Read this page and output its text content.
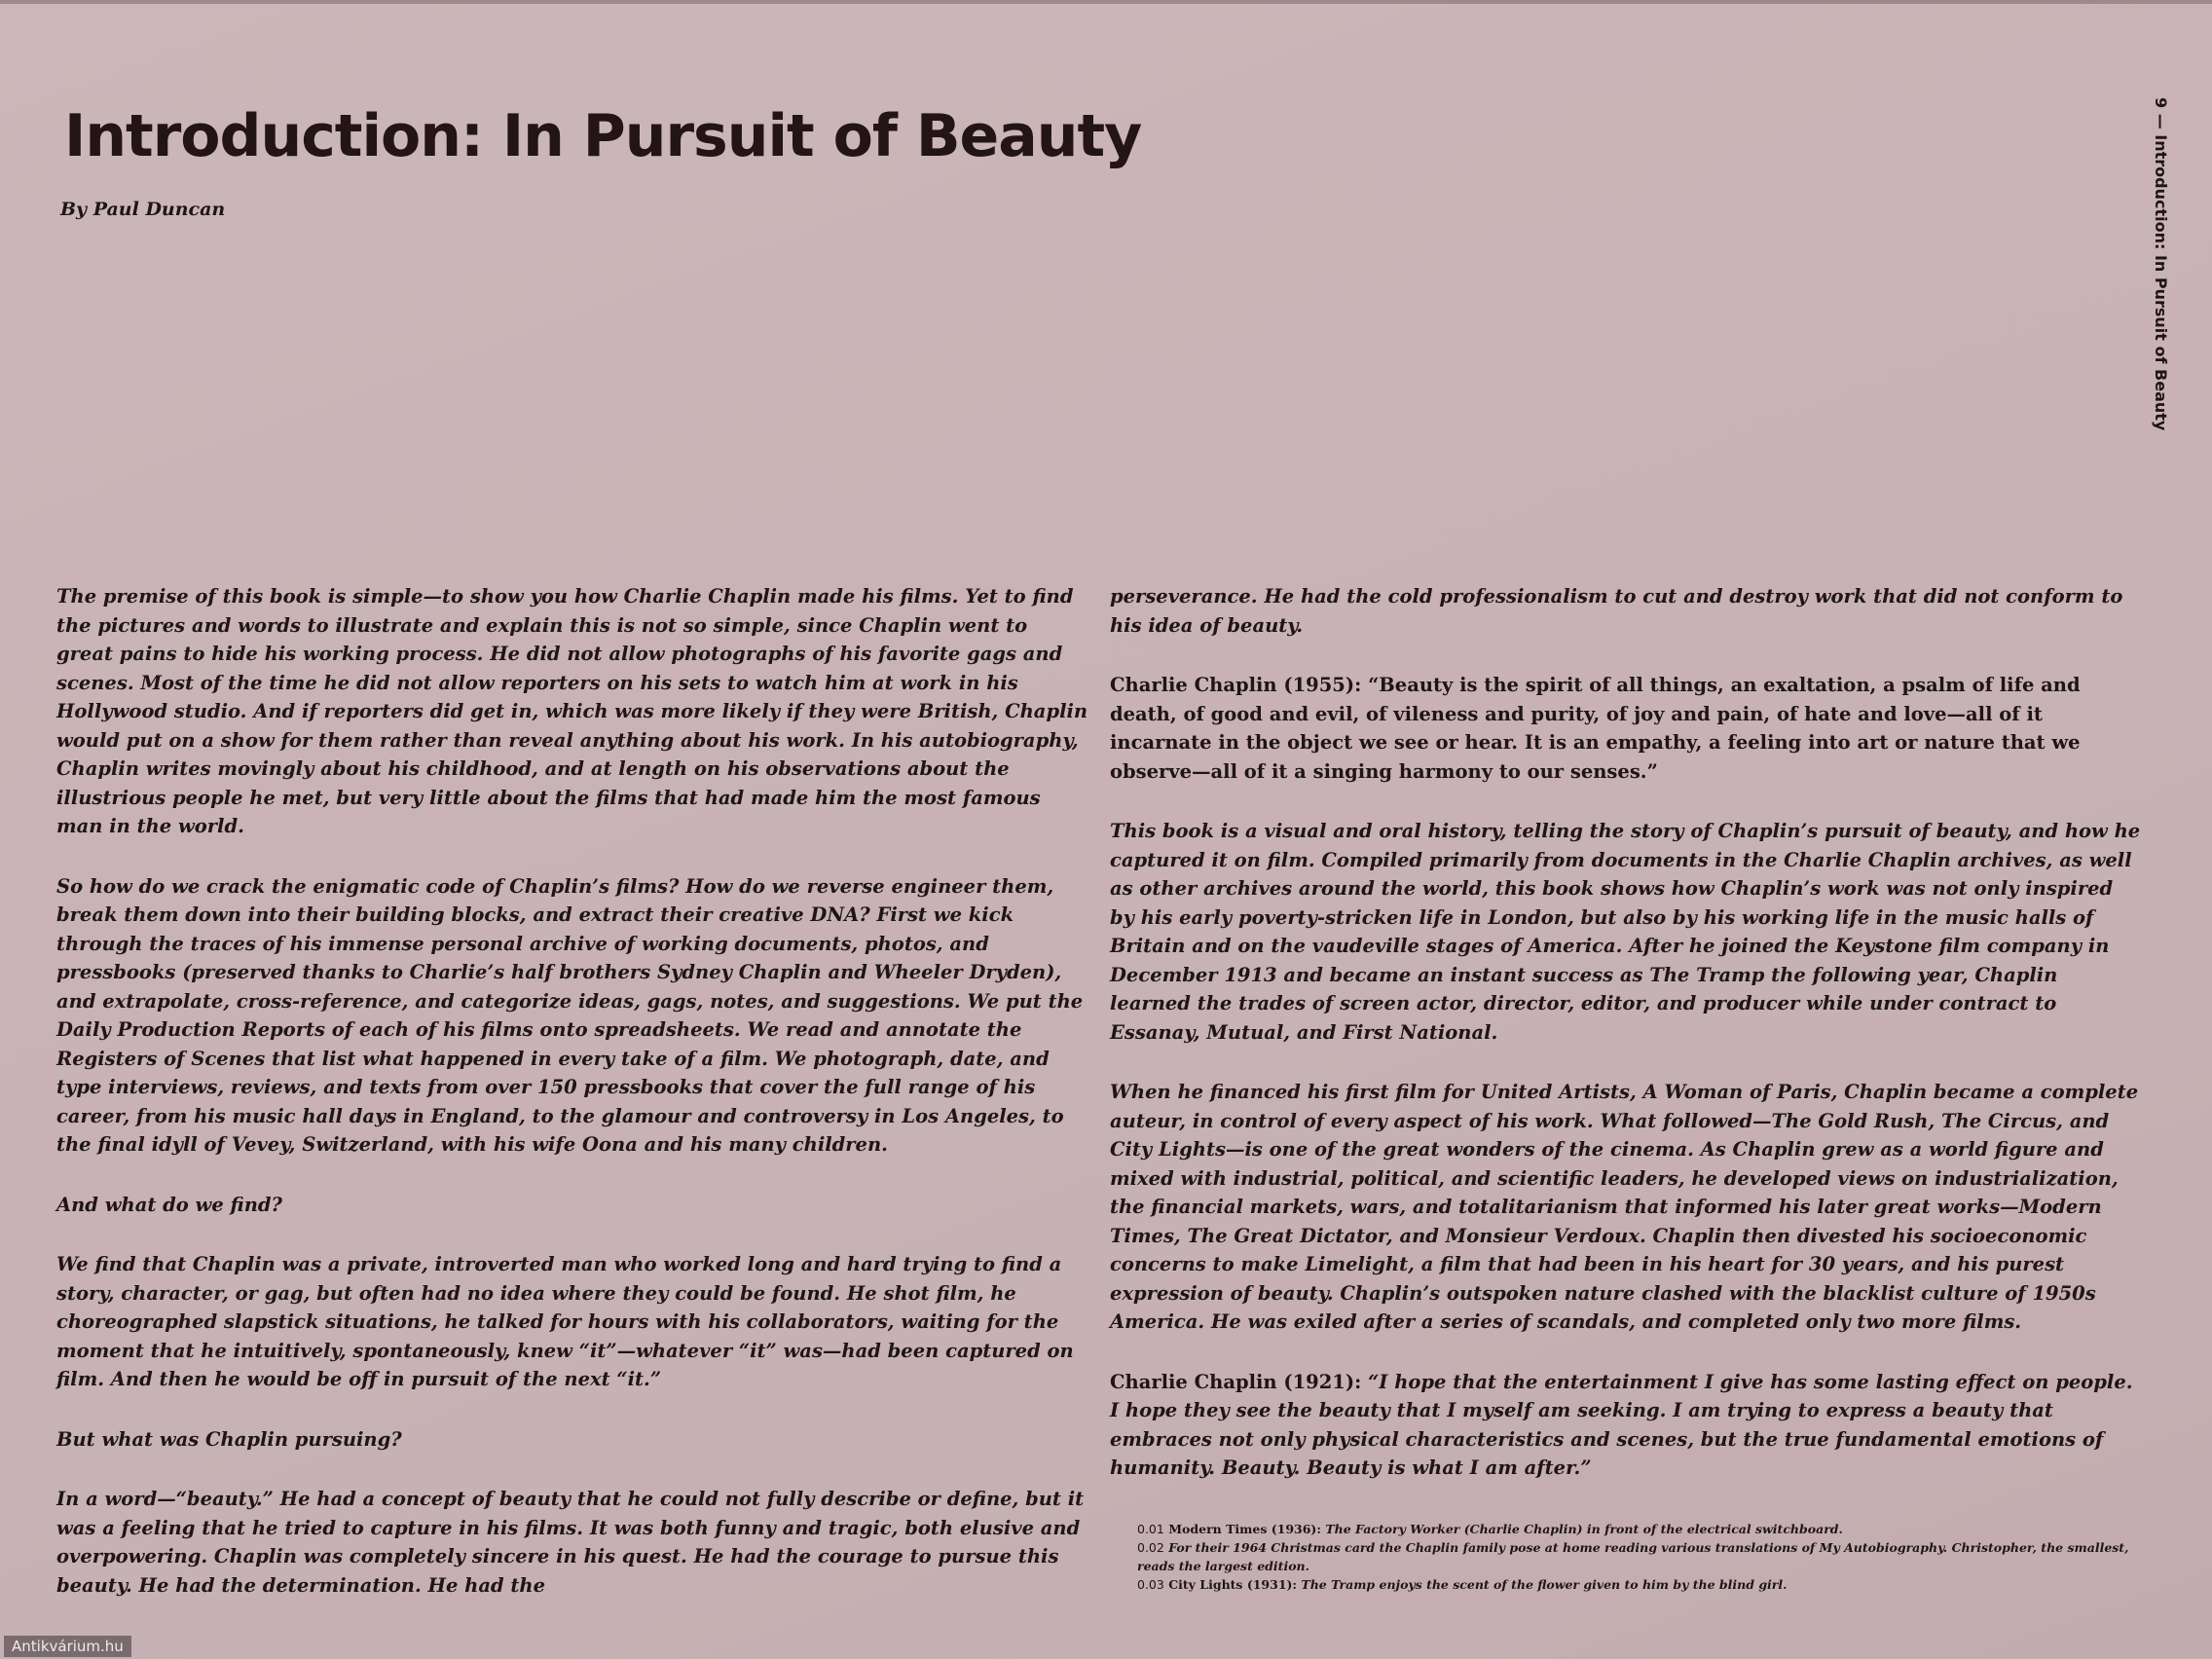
Introduction: In Pursuit of Beauty

By Paul Duncan	9 — Introduction: In Pursuit of Beauty

The premise of this book is simple—to show you how Charlie Chaplin made his films. Yet to find the pictures and words to illustrate and explain this is not so simple, since Chaplin went to great pains to hide his working process. He did not allow photographs of his favorite gags and scenes. Most of the time he did not allow reporters on his sets to watch him at work in his Hollywood studio. And if reporters did get in, which was more likely if they were British, Chaplin would put on a show for them rather than reveal anything about his work. In his autobiography, Chaplin writes movingly about his childhood, and at length on his observations about the illustrious people he met, but very little about the films that had made him the most famous man in the world.

So how do we crack the enigmatic code of Chaplin’s films? How do we reverse engineer them, break them down into their building blocks, and extract their creative DNA? First we kick through the traces of his immense personal archive of working documents, photos, and pressbooks (preserved thanks to Charlie’s half brothers Sydney Chaplin and Wheeler Dryden), and extrapolate, cross-reference, and categorize ideas, gags, notes, and suggestions. We put the Daily Production Reports of each of his films onto spreadsheets. We read and annotate the Registers of Scenes that list what happened in every take of a film. We photograph, date, and type interviews, reviews, and texts from over 150 pressbooks that cover the full range of his career, from his music hall days in England, to the glamour and controversy in Los Angeles, to the final idyll of Vevey, Switzerland, with his wife Oona and his many children.

And what do we find?

We find that Chaplin was a private, introverted man who worked long and hard trying to find a story, character, or gag, but often had no idea where they could be found. He shot film, he choreographed slapstick situations, he talked for hours with his collaborators, waiting for the moment that he intuitively, spontaneously, knew “it”—whatever “it” was—had been captured on film. And then he would be off in pursuit of the next “it.”

But what was Chaplin pursuing?

In a word—“beauty.” He had a concept of beauty that he could not fully describe or define, but it was a feeling that he tried to capture in his films. It was both funny and tragic, both elusive and overpowering. Chaplin was completely sincere in his quest. He had the courage to pursue this beauty. He had the determination. He had the

perseverance. He had the cold professionalism to cut and destroy work that did not conform to his idea of beauty.

Charlie Chaplin (1955): “Beauty is the spirit of all things, an exaltation, a psalm of life and death, of good and evil, of vileness and purity, of joy and pain, of hate and love—all of it incarnate in the object we see or hear. It is an empathy, a feeling into art or nature that we observe—all of it a singing harmony to our senses.”

This book is a visual and oral history, telling the story of Chaplin’s pursuit of beauty, and how he captured it on film. Compiled primarily from documents in the Charlie Chaplin archives, as well as other archives around the world, this book shows how Chaplin’s work was not only inspired by his early poverty-stricken life in London, but also by his working life in the music halls of Britain and on the vaudeville stages of America. After he joined the Keystone film company in December 1913 and became an instant success as The Tramp the following year, Chaplin learned the trades of screen actor, director, editor, and producer while under contract to Essanay, Mutual, and First National.

When he financed his first film for United Artists, A Woman of Paris, Chaplin became a complete auteur, in control of every aspect of his work. What followed—The Gold Rush, The Circus, and City Lights—is one of the great wonders of the cinema. As Chaplin grew as a world figure and mixed with industrial, political, and scientific leaders, he developed views on industrialization, the financial markets, wars, and totalitarianism that informed his later great works—Modern Times, The Great Dictator, and Monsieur Verdoux. Chaplin then divested his socioeconomic concerns to make Limelight, a film that had been in his heart for 30 years, and his purest expression of beauty. Chaplin’s outspoken nature clashed with the blacklist culture of 1950s America. He was exiled after a series of scandals, and completed only two more films.

Charlie Chaplin (1921): “I hope that the entertainment I give has some lasting effect on people. I hope they see the beauty that I myself am seeking. I am trying to express a beauty that embraces not only physical characteristics and scenes, but the true fundamental emotions of humanity. Beauty. Beauty is what I am after.”

0.01 Modern Times (1936): The Factory Worker (Charlie Chaplin) in front of the electrical switchboard.

0.02 For their 1964 Christmas card the Chaplin family pose at home reading various translations of My Autobiography. Christopher, the smallest, reads the largest edition.

0.03 City Lights (1931): The Tramp enjoys the scent of the flower given to him by the blind girl.

Antikvárium.hu
